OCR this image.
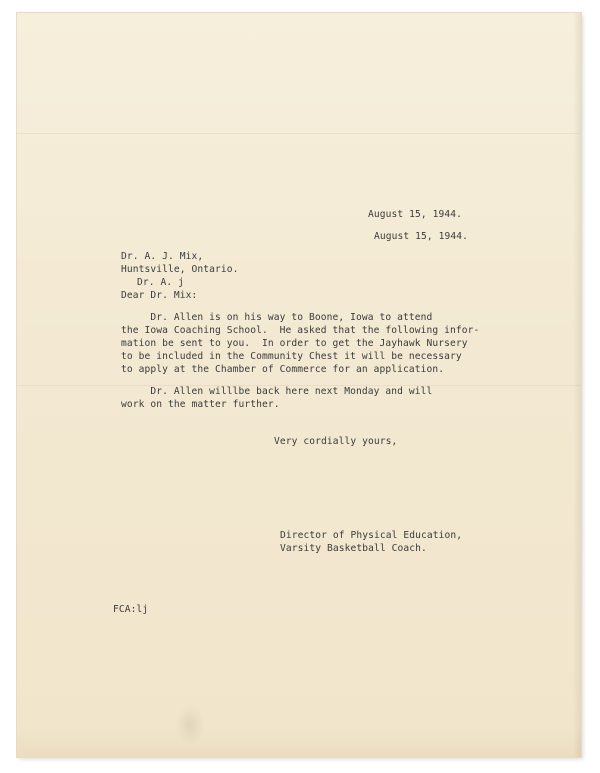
August 15, 1944.
August 15, 1944.
Dr. A. J. Mix,
Huntsville, Ontario.
Dr. A. j
Dear Dr. Mix:
Dr. Allen is on his way to Boone, Iowa to attend
the Iowa Coaching School.  He asked that the following infor-
mation be sent to you.  In order to get the Jayhawk Nursery
to be included in the Community Chest it will be necessary
to apply at the Chamber of Commerce for an application.
Dr. Allen willlbe back here next Monday and will
work on the matter further.
Very cordially yours,
Director of Physical Education,
Varsity Basketball Coach.
FCA:lj
